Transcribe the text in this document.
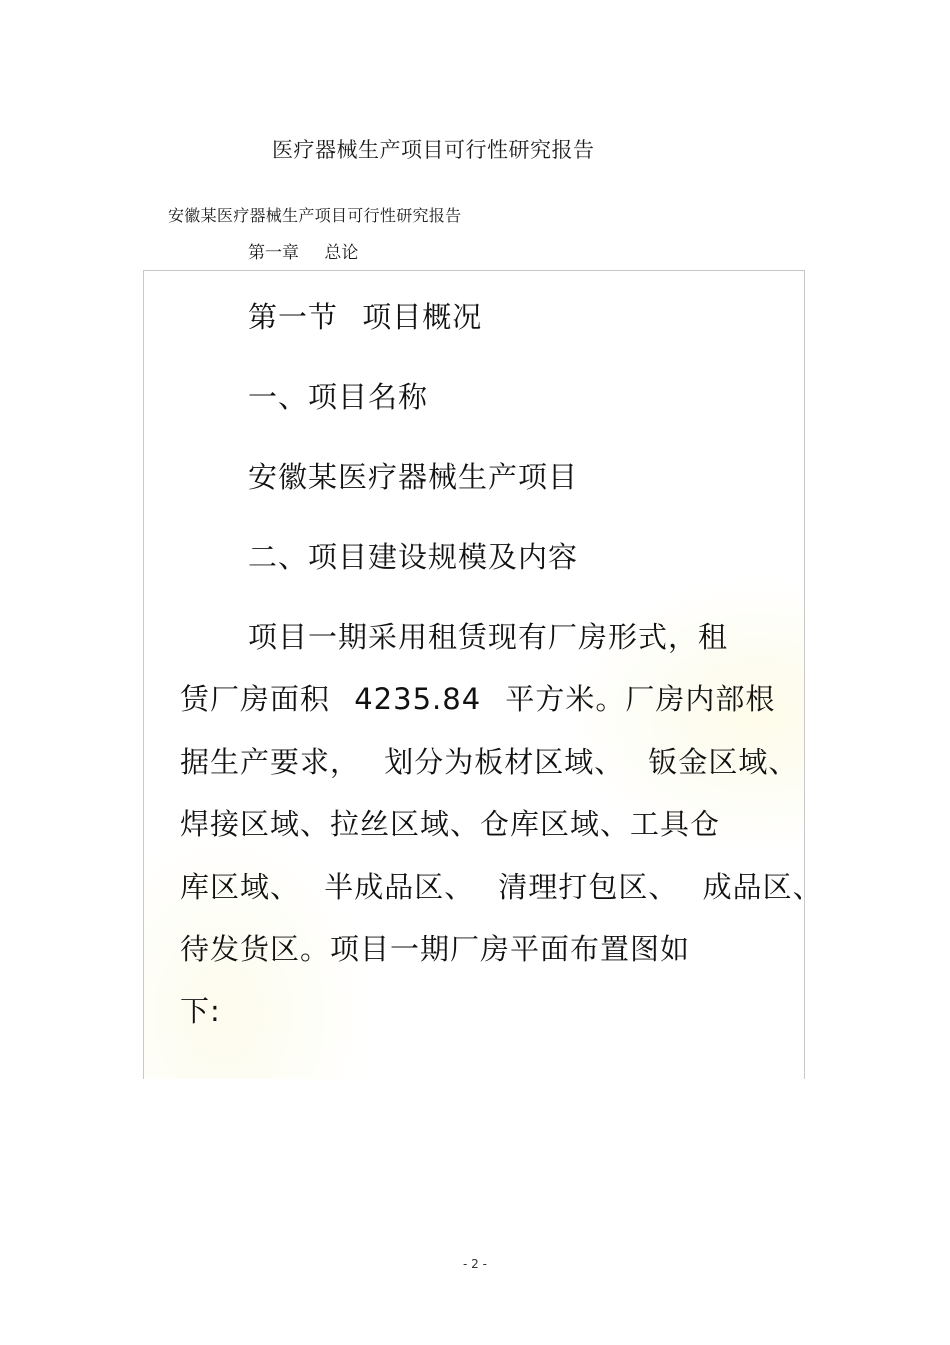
医疗器械生产项目可行性研究报告
安徽某医疗器械生产项目可行性研究报告
第一章 总论
第一节 项目概况
一、项目名称
安徽某医疗器械生产项目
二、项目建设规模及内容
项目一期采用租赁现有厂房形式，租
赁厂房面积 4235.84 平方米。厂房内部根
据生产要求， 划分为板材区域、 钣金区域、
焊接区域、拉丝区域、仓库区域、工具仓
库区域、 半成品区、 清理打包区、 成品区、
待发货区。项目一期厂房平面布置图如
下:
- 2 -
